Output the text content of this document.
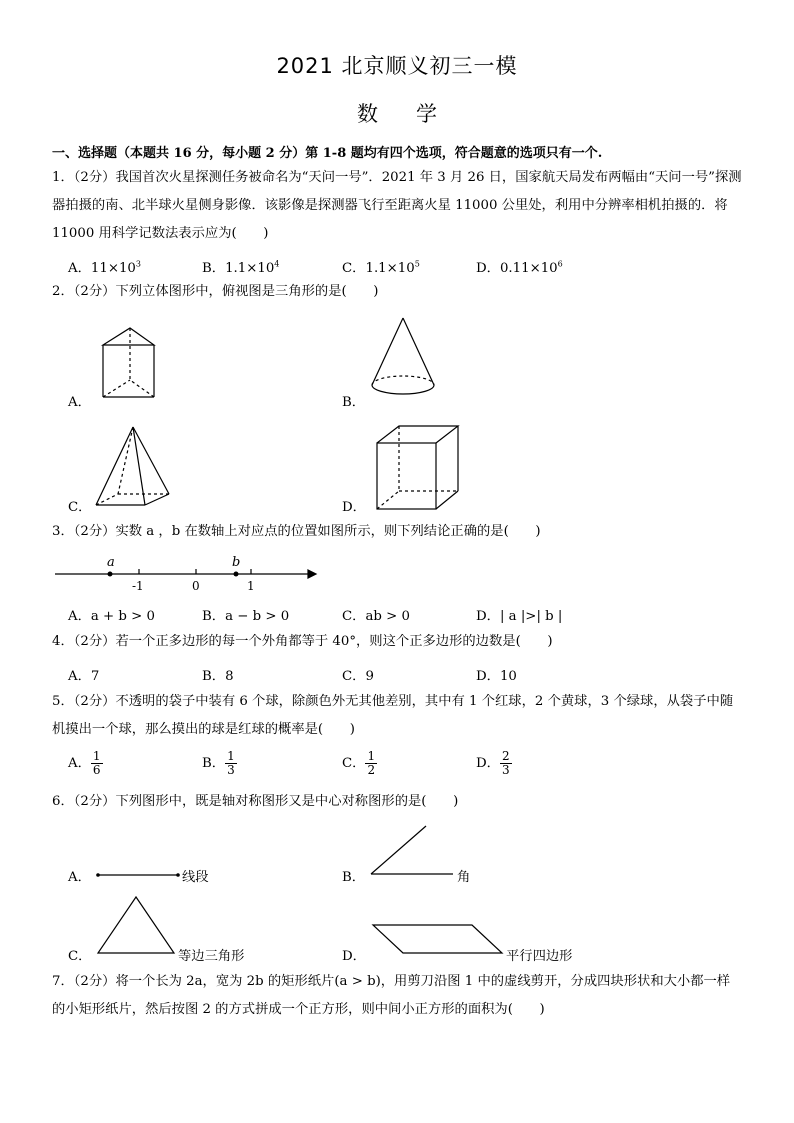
2021 北京顺义初三一模
数学
一、选择题（本题共 16 分，每小题 2 分）第 1-8 题均有四个选项，符合题意的选项只有一个.
1．（2分）我国首次火星探测任务被命名为“天问一号”．2021 年 3 月 26 日，国家航天局发布两幅由“天问一号”探测
器拍摄的南、北半球火星侧身影像．该影像是探测器飞行至距离火星 11000 公里处，利用中分辨率相机拍摄的．将
11000 用科学记数法表示应为(　　)
A．$11\times 10^3$	B．$1.1\times 10^4$	C．$1.1\times 10^5$	D．$0.11\times 10^6$
2．（2分）下列立体图形中，俯视图是三角形的是(　　)
A．	B．
C．	D．
3．（2分）实数 a ，b 在数轴上对应点的位置如图所示，则下列结论正确的是(　　)
a	b
-1	0	1
A．a + b > 0	B．a − b > 0	C．ab > 0	D．| a |>| b |
4．（2分）若一个正多边形的每一个外角都等于 40°，则这个正多边形的边数是(　　)
A．7	B．8	C．9	D．10
5．（2分）不透明的袋子中装有 6 个球，除颜色外无其他差别，其中有 1 个红球，2 个黄球，3 个绿球，从袋子中随
机摸出一个球，那么摸出的球是红球的概率是(　　)
A． $\frac{1}{6}$	B． $\frac{1}{3}$	C． $\frac{1}{2}$	D． $\frac{2}{3}$
6．（2分）下列图形中，既是轴对称图形又是中心对称图形的是(　　)
A．	线段	B．	角
C．	等边三角形	D．	平行四边形
7．（2分）将一个长为 2a，宽为 2b 的矩形纸片(a > b)，用剪刀沿图 1 中的虚线剪开，分成四块形状和大小都一样
的小矩形纸片，然后按图 2 的方式拼成一个正方形，则中间小正方形的面积为(　　)
